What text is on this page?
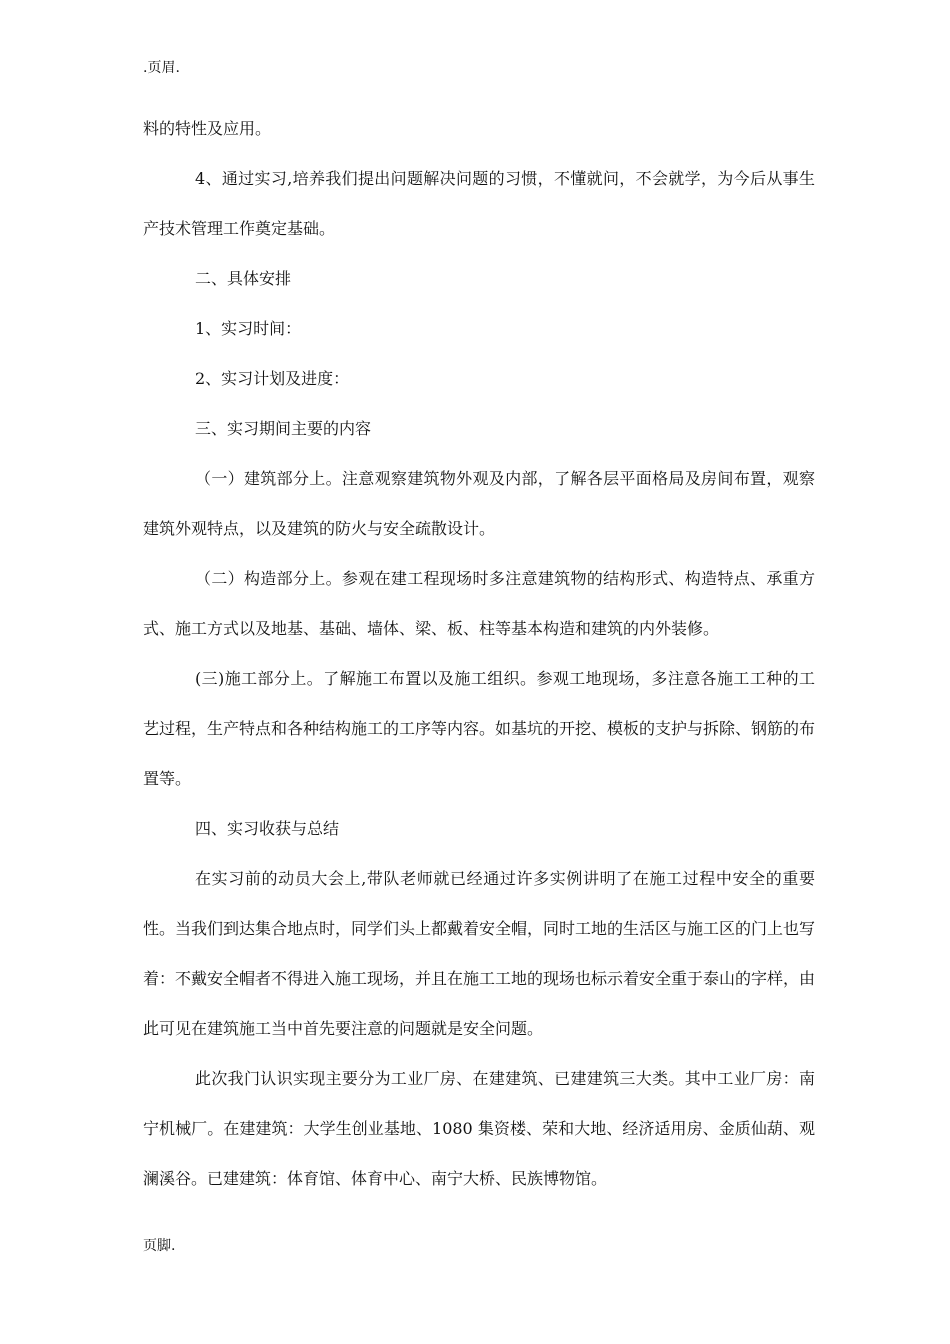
.页眉.

料的特性及应用。

4、通过实习,培养我们提出问题解决问题的习惯，不懂就问，不会就学，为今后从事生产技术管理工作奠定基础。

二、具体安排

1、实习时间：

2、实习计划及进度：

三、实习期间主要的内容

（一）建筑部分上。注意观察建筑物外观及内部，了解各层平面格局及房间布置，观察建筑外观特点，以及建筑的防火与安全疏散设计。

（二）构造部分上。参观在建工程现场时多注意建筑物的结构形式、构造特点、承重方式、施工方式以及地基、基础、墙体、梁、板、柱等基本构造和建筑的内外装修。

(三)施工部分上。了解施工布置以及施工组织。参观工地现场，多注意各施工工种的工艺过程，生产特点和各种结构施工的工序等内容。如基坑的开挖、模板的支护与拆除、钢筋的布置等。

四、实习收获与总结

在实习前的动员大会上,带队老师就已经通过许多实例讲明了在施工过程中安全的重要性。当我们到达集合地点时，同学们头上都戴着安全帽，同时工地的生活区与施工区的门上也写着：不戴安全帽者不得进入施工现场，并且在施工工地的现场也标示着安全重于泰山的字样，由此可见在建筑施工当中首先要注意的问题就是安全问题。

此次我门认识实现主要分为工业厂房、在建建筑、已建建筑三大类。其中工业厂房：南宁机械厂。在建建筑：大学生创业基地、1080 集资楼、荣和大地、经济适用房、金质仙葫、观澜溪谷。已建建筑：体育馆、体育中心、南宁大桥、民族博物馆。

页脚.
